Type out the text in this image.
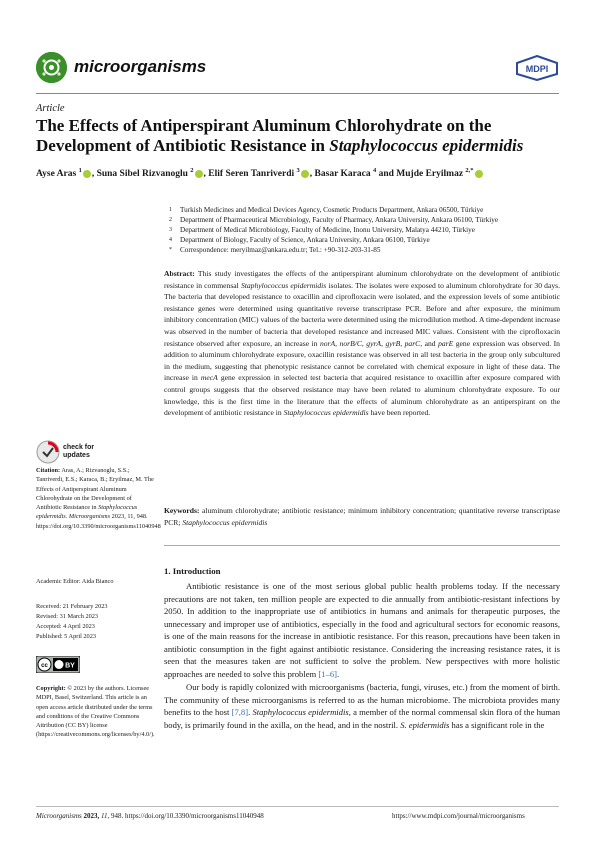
microorganisms	MDPI
Article
The Effects of Antiperspirant Aluminum Chlorohydrate on the
Development of Antibiotic Resistance in Staphylococcus epidermidis
Ayse Aras $^1$ , Suna Sibel Rizvanoglu $^2$ , Elif Seren Tanriverdi $^3$ , Basar Karaca $^4$ and Mujde Eryilmaz $^{2,*}$
1 Turkish Medicines and Medical Devices Agency, Cosmetic Products Department, Ankara 06500, Türkiye
2 Department of Pharmaceutical Microbiology, Faculty of Pharmacy, Ankara University, Ankara 06100, Türkiye
3 Department of Medical Microbiology, Faculty of Medicine, Inonu University, Malatya 44210, Türkiye
4 Department of Biology, Faculty of Science, Ankara University, Ankara 06100, Türkiye
* Correspondence: meryilmaz@ankara.edu.tr; Tel.: +90-312-203-31-85
Abstract: This study investigates the effects of the antiperspirant aluminum chlorohydrate on the development of antibiotic resistance in commensal Staphylococcus epidermidis isolates. The isolates were exposed to aluminum chlorohydrate for 30 days. The bacteria that developed resistance to oxacillin and ciprofloxacin were isolated, and the expression levels of some antibiotic resistance genes were determined using quantitative reverse transcriptase PCR. Before and after exposure, the minimum inhibitory concentration (MIC) values of the bacteria were determined using the microdilution method. A time-dependent increase was observed in the number of bacteria that developed resistance and increased MIC values. Consistent with the ciprofloxacin resistance observed after exposure, an increase in norA, norB/C, gyrA, gyrB, parC, and parE gene expression was observed. In addition to aluminum chlorohydrate exposure, oxacillin resistance was observed in all test bacteria in the group only subcultured in the medium, suggesting that phenotypic resistance cannot be correlated with chemical exposure in light of these data. The increase in mecA gene expression in selected test bacteria that acquired resistance to oxacillin after exposure compared with control groups suggests that the observed resistance may have been related to aluminum chlorohydrate exposure. To our knowledge, this is the first time in the literature that the effects of aluminum chlorohydrate as an antiperspirant on the development of antibiotic resistance in Staphylococcus epidermidis have been reported.
Keywords: aluminum chlorohydrate; antibiotic resistance; minimum inhibitory concentration; quantitative reverse transcriptase PCR; Staphylococcus epidermidis
1. Introduction
Antibiotic resistance is one of the most serious global public health problems today. If the necessary precautions are not taken, ten million people are expected to die annually from antibiotic-resistant infections by 2050. In addition to the inappropriate use of antibiotics in humans and animals for therapeutic purposes, the unnecessary and improper use of antibiotics, especially in the food and agricultural sectors for economic reasons, is one of the main reasons for the increase in antibiotic resistance. For this reason, precautions have been taken in antibiotic consumption in the fight against antibiotic resistance. Considering the increasing resistance rates, it is seen that the measures taken are not sufficient to solve the problem. New perspectives with more holistic approaches are needed to solve this problem [1–6].
Our body is rapidly colonized with microorganisms (bacteria, fungi, viruses, etc.) from the moment of birth. The community of these microorganisms is referred to as the human microbiome. The microbiota provides many benefits to the host [7,8]. Staphylococcus epidermidis, a member of the normal commensal skin flora of the human body, is primarily found in the axilla, on the head, and in the nostril. S. epidermidis has a significant role in the
check for updates
Citation: Aras, A.; Rizvanoglu, S.S.; Tanriverdi, E.S.; Karaca, B.; Eryilmaz, M. The Effects of Antiperspirant Aluminum Chlorohydrate on the Development of Antibiotic Resistance in Staphylococcus epidermidis. Microorganisms 2023, 11, 948. https://doi.org/10.3390/microorganisms11040948
Academic Editor: Aida Bianco
Received: 21 February 2023
Revised: 31 March 2023
Accepted: 4 April 2023
Published: 5 April 2023
cc BY
Copyright: © 2023 by the authors. Licensee MDPI, Basel, Switzerland. This article is an open access article distributed under the terms and conditions of the Creative Commons Attribution (CC BY) license (https://creativecommons.org/licenses/by/4.0/).
Microorganisms 2023, 11, 948. https://doi.org/10.3390/microorganisms11040948	https://www.mdpi.com/journal/microorganisms
